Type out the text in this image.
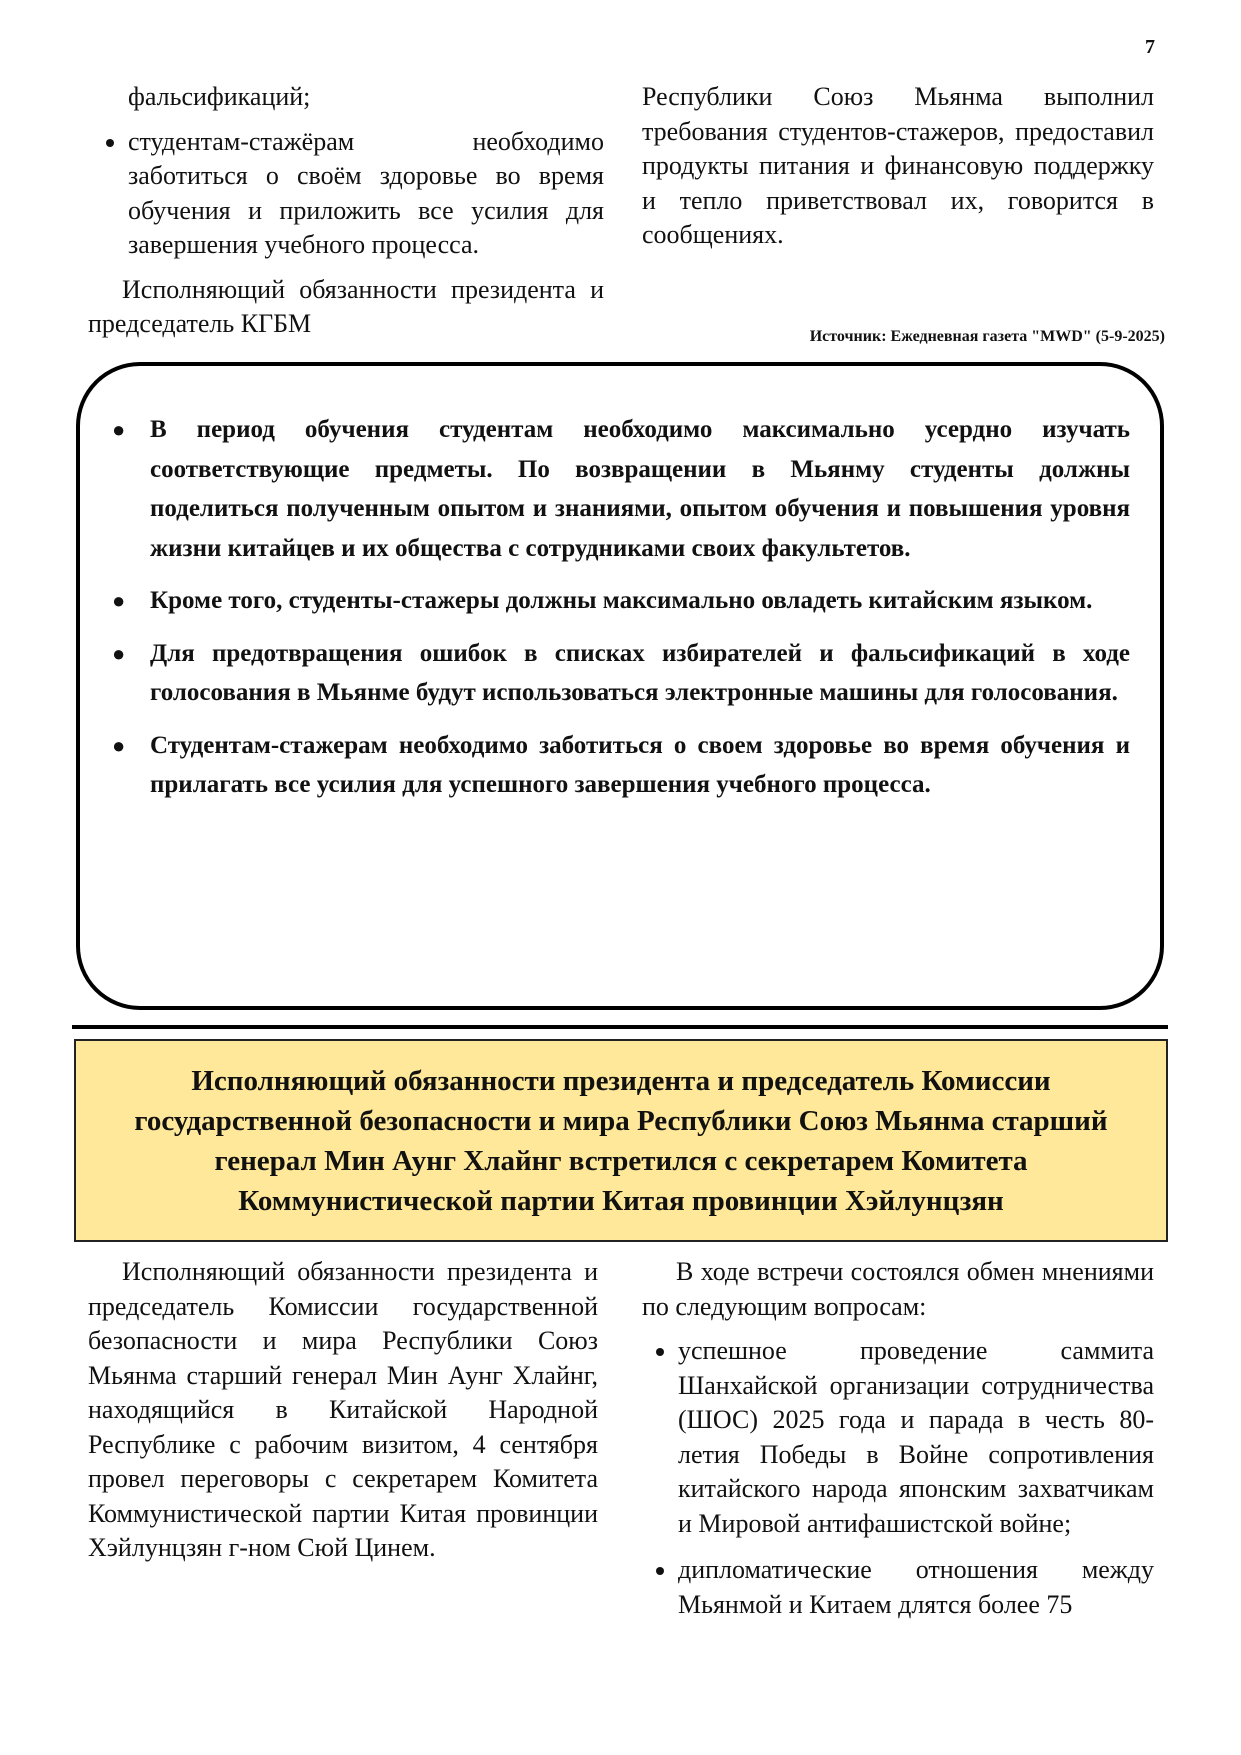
7

фальсификаций;

• студентам-стажёрам необходимо заботиться о своём здоровье во время обучения и приложить все усилия для завершения учебного процесса.

Исполняющий обязанности президента и председатель КГБМ

Республики Союз Мьянма выполнил требования студентов-стажеров, предоставил продукты питания и финансовую поддержку и тепло приветствовал их, говорится в сообщениях.

Источник: Ежедневная газета "MWD" (5-9-2025)
● В период обучения студентам необходимо максимально усердно изучать соответствующие предметы. По возвращении в Мьянму студенты должны поделиться полученным опытом и знаниями, опытом обучения и повышения уровня жизни китайцев и их общества с сотрудниками своих факультетов.
● Кроме того, студенты-стажеры должны максимально овладеть китайским языком.
● Для предотвращения ошибок в списках избирателей и фальсификаций в ходе голосования в Мьянме будут использоваться электронные машины для голосования.
● Студентам-стажерам необходимо заботиться о своем здоровье во время обучения и прилагать все усилия для успешного завершения учебного процесса.
Исполняющий обязанности президента и председатель Комиссии государственной безопасности и мира Республики Союз Мьянма старший генерал Мин Аунг Хлайнг встретился с секретарем Комитета Коммунистической партии Китая провинции Хэйлунцзян

Исполняющий обязанности президента и председатель Комиссии государственной безопасности и мира Республики Союз Мьянма старший генерал Мин Аунг Хлайнг, находящийся в Китайской Народной Республике с рабочим визитом, 4 сентября провел переговоры с секретарем Комитета Коммунистической партии Китая провинции Хэйлунцзян г-ном Сюй Цинем.

В ходе встречи состоялся обмен мнениями по следующим вопросам:

• успешное проведение саммита Шанхайской организации сотрудничества (ШОС) 2025 года и парада в честь 80-летия Победы в Войне сопротивления китайского народа японским захватчикам и Мировой антифашистской войне;
• дипломатические отношения между Мьянмой и Китаем длятся более 75
